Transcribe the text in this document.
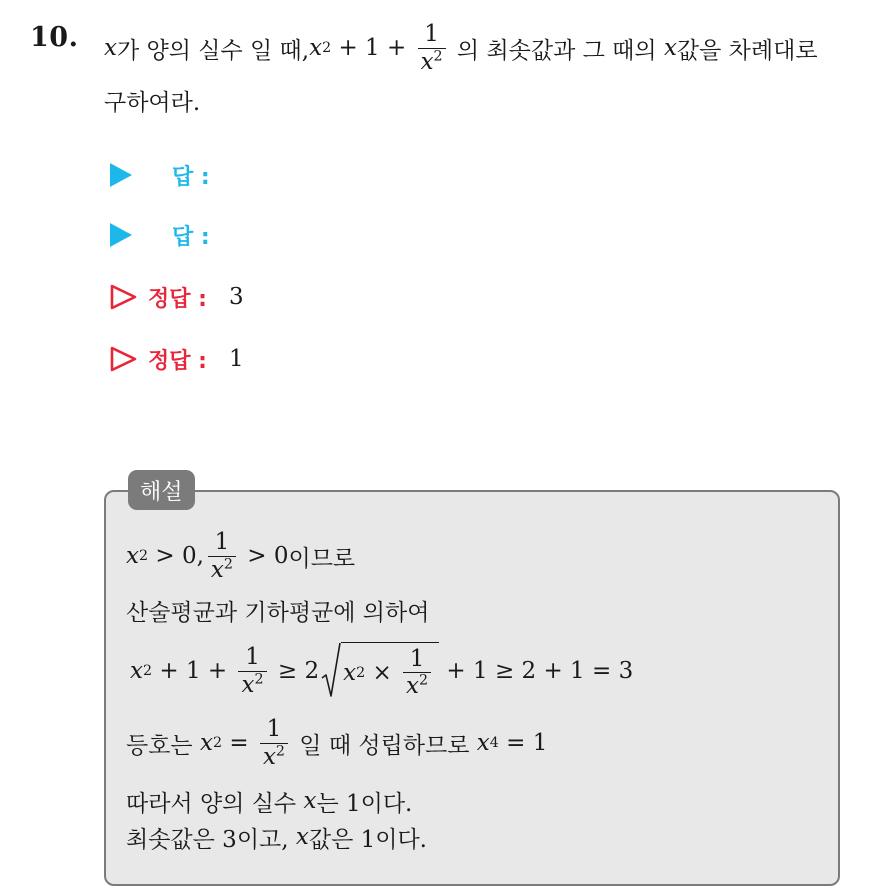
10. x 가 양의 실수 일 때, x $2 + 1 + \frac{1}{x^2}$ 의 최솟값과 그 때의 x 값을 차례대로
구하여라.
답 :
답 :
정답 : 3
정답 : 1
해설
x 2 > 0, $\frac{1}{x^2} > 0$ 이므로
산술평균과 기하평균에 의하여
x $2 + 1 + \frac{1}{x^2} \ge 2$ x $2 \times \frac{1}{x^2} + 1 \ge 2 + 1 = 3$
등호는 x $2 = \frac{1}{x^2}$ 일 때 성립하므로 x 4 = 1
따라서 양의 실수 x 는 1이다.
최솟값은 3이고, x 값은 1이다.
